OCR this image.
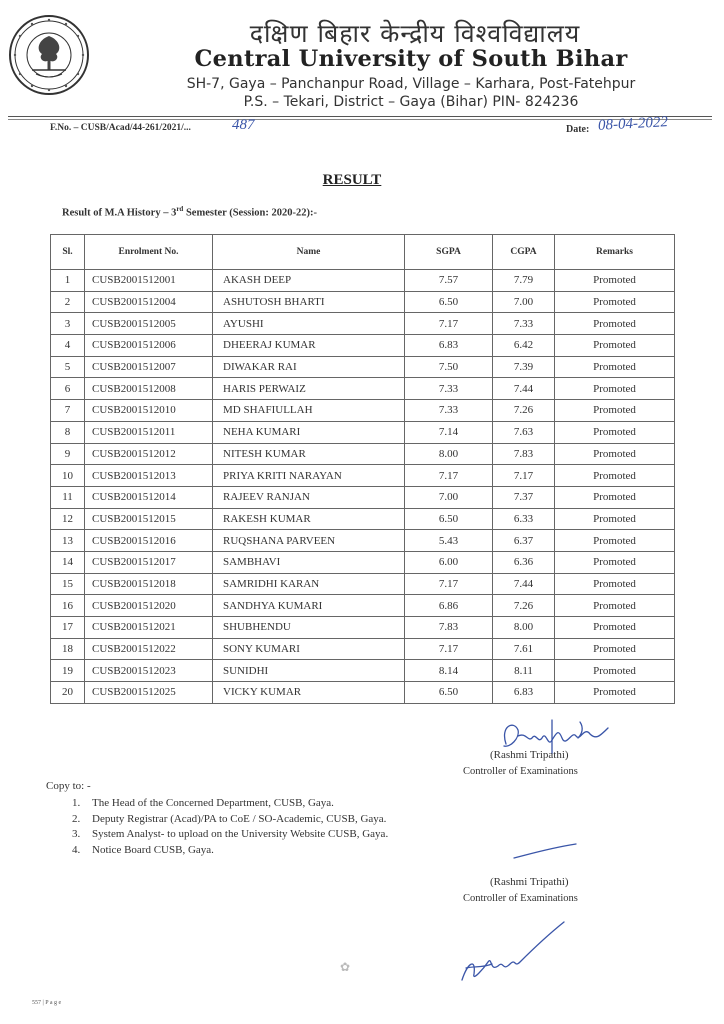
दक्षिण बिहार केन्द्रीय विश्वविद्यालय
Central University of South Bihar
SH-7, Gaya – Panchanpur Road, Village – Karhara, Post-Fatehpur
P.S. – Tekari, District – Gaya (Bihar) PIN- 824236
F.No. – CUSB/Acad/44-261/2021/...	487	Date: 08-04-2022
RESULT
Result of M.A History – 3rd Semester (Session: 2020-22):-
Sl.	Enrolment No.	Name	SGPA	CGPA	Remarks
1	CUSB2001512001	AKASH DEEP	7.57	7.79	Promoted
2	CUSB2001512004	ASHUTOSH BHARTI	6.50	7.00	Promoted
3	CUSB2001512005	AYUSHI	7.17	7.33	Promoted
4	CUSB2001512006	DHEERAJ KUMAR	6.83	6.42	Promoted
5	CUSB2001512007	DIWAKAR RAI	7.50	7.39	Promoted
6	CUSB2001512008	HARIS PERWAIZ	7.33	7.44	Promoted
7	CUSB2001512010	MD SHAFIULLAH	7.33	7.26	Promoted
8	CUSB2001512011	NEHA KUMARI	7.14	7.63	Promoted
9	CUSB2001512012	NITESH KUMAR	8.00	7.83	Promoted
10	CUSB2001512013	PRIYA KRITI NARAYAN	7.17	7.17	Promoted
11	CUSB2001512014	RAJEEV RANJAN	7.00	7.37	Promoted
12	CUSB2001512015	RAKESH KUMAR	6.50	6.33	Promoted
13	CUSB2001512016	RUQSHANA PARVEEN	5.43	6.37	Promoted
14	CUSB2001512017	SAMBHAVI	6.00	6.36	Promoted
15	CUSB2001512018	SAMRIDHI KARAN	7.17	7.44	Promoted
16	CUSB2001512020	SANDHYA KUMARI	6.86	7.26	Promoted
17	CUSB2001512021	SHUBHENDU	7.83	8.00	Promoted
18	CUSB2001512022	SONY KUMARI	7.17	7.61	Promoted
19	CUSB2001512023	SUNIDHI	8.14	8.11	Promoted
20	CUSB2001512025	VICKY KUMAR	6.50	6.83	Promoted
(Rashmi Tripathi)
Controller of Examinations
Copy to: -
1. The Head of the Concerned Department, CUSB, Gaya.
2. Deputy Registrar (Acad)/PA to CoE / SO-Academic, CUSB, Gaya.
3. System Analyst- to upload on the University Website CUSB, Gaya.
4. Notice Board CUSB, Gaya.
(Rashmi Tripathi)
Controller of Examinations
✿
557 | P a g e
